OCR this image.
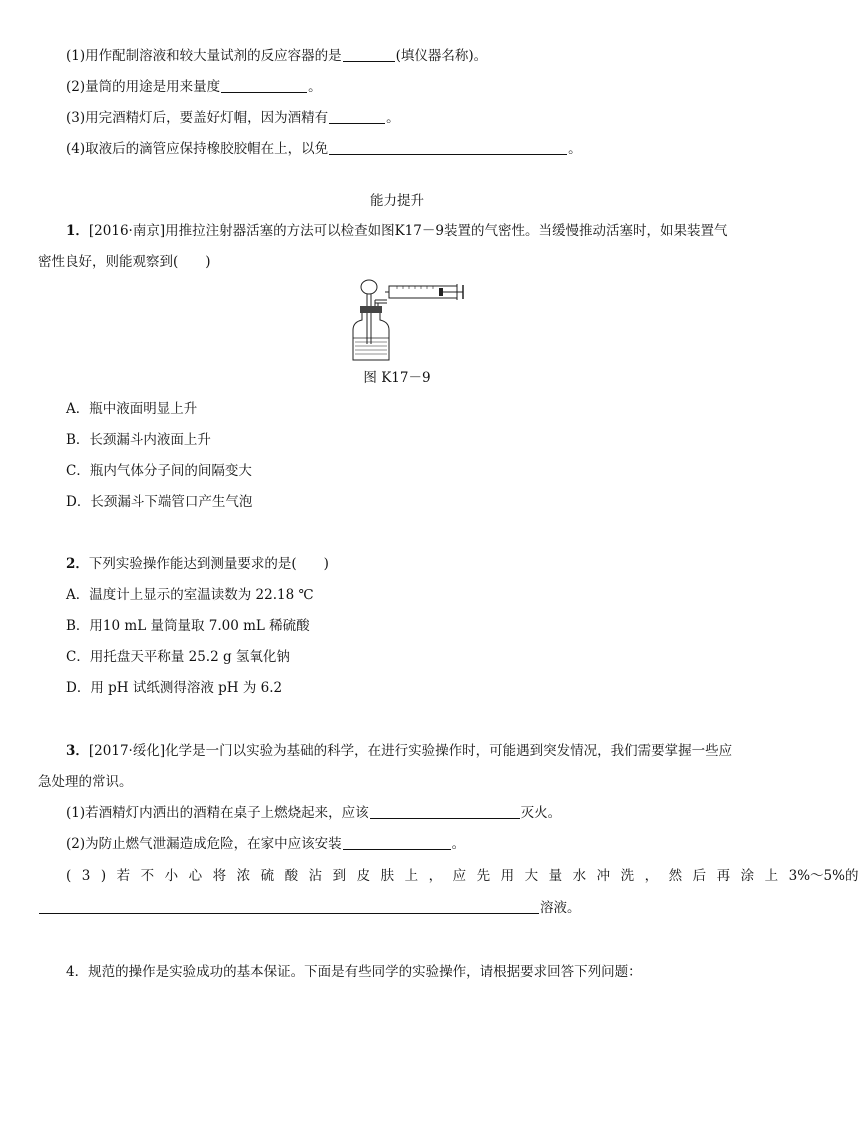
(1)用作配制溶液和较大量试剂的反应容器的是	(填仪器名称)。
(2)量筒的用途是用来量度	。
(3)用完酒精灯后，要盖好灯帽，因为酒精有	。
(4)取液后的滴管应保持橡胶胶帽在上，以免	。
能力提升
1．[2016·南京]用推拉注射器活塞的方法可以检查如图K17－9装置的气密性。当缓慢推动活塞时，如果装置气
密性良好，则能观察到(　　)
图 K17－9
A．瓶中液面明显上升
B．长颈漏斗内液面上升
C．瓶内气体分子间的间隔变大
D．长颈漏斗下端管口产生气泡
2．下列实验操作能达到测量要求的是(　　)
A．温度计上显示的室温读数为 22.18 ℃
B．用10 mL 量筒量取 7.00 mL 稀硫酸
C．用托盘天平称量 25.2 g 氢氧化钠
D．用 pH 试纸测得溶液 pH 为 6.2
3．[2017·绥化]化学是一门以实验为基础的科学，在进行实验操作时，可能遇到突发情况，我们需要掌握一些应
急处理的常识。
(1)若酒精灯内洒出的酒精在桌子上燃烧起来，应该	灭火。
(2)为防止燃气泄漏造成危险，在家中应该安装	。
(3)若不小心将浓硫酸沾到皮肤上，应先用大量水冲洗，然后再涂上3%～5%的
溶液。
4．规范的操作是实验成功的基本保证。下面是有些同学的实验操作，请根据要求回答下列问题：
